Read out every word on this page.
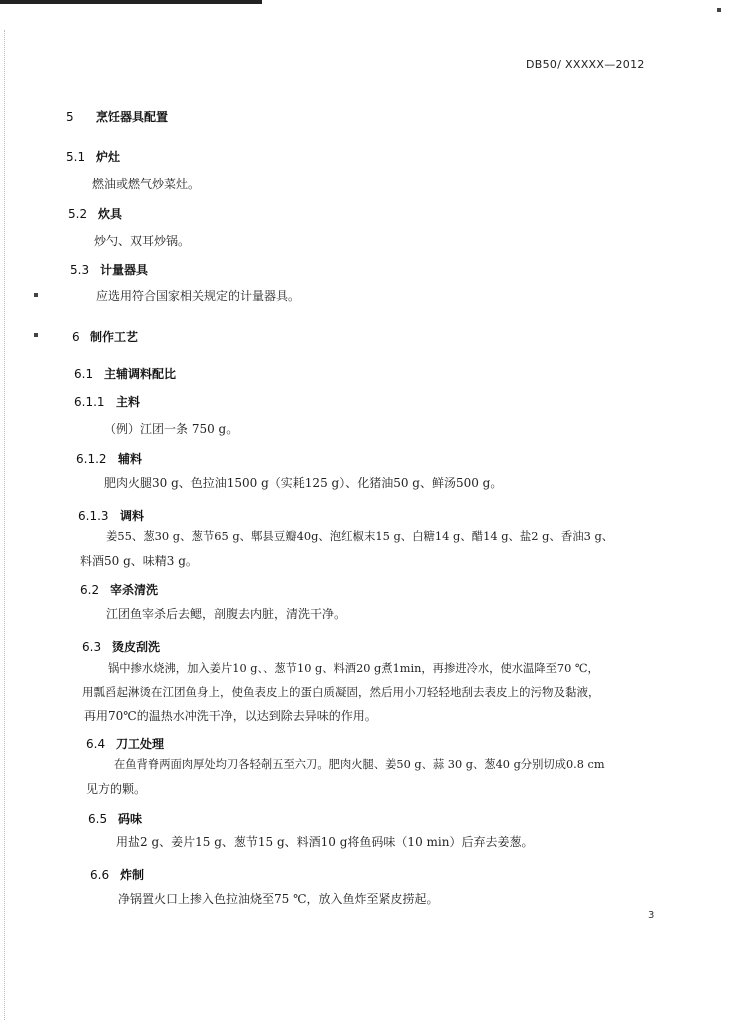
DB50/ XXXXX—2012
5 烹饪器具配置
5.1 炉灶
燃油或燃气炒菜灶。
5.2 炊具
炒勺、双耳炒锅。
5.3 计量器具
应选用符合国家相关规定的计量器具。
6 制作工艺
6.1 主辅调料配比
6.1.1 主料
（例）江团一条 750 g。
6.1.2 辅料
肥肉火腿30 g、色拉油1500 g（实耗125 g）、化猪油50 g、鲜汤500 g。
6.1.3 调料
姜55、葱30 g、葱节65 g、郫县豆瓣40g、泡红椒末15 g、白糖14 g、醋14 g、盐2 g、香油3 g、
料酒50 g、味精3 g。
6.2 宰杀清洗
江团鱼宰杀后去鳃，剖腹去内脏，清洗干净。
6.3 烫皮刮洗
锅中掺水烧沸，加入姜片10 g、、葱节10 g、料酒20 g煮1min，再掺进冷水，使水温降至70 ℃，
用瓢舀起淋烫在江团鱼身上，使鱼表皮上的蛋白质凝固，然后用小刀轻轻地刮去表皮上的污物及黏液，
再用70℃的温热水冲洗干净，以达到除去异味的作用。
6.4 刀工处理
在鱼背脊两面肉厚处均刀各轻剞五至六刀。肥肉火腿、姜50 g、蒜 30 g、葱40 g分别切成0.8 cm
见方的颗。
6.5 码味
用盐2 g、姜片15 g、葱节15 g、料酒10 g将鱼码味（10 min）后弃去姜葱。
6.6 炸制
净锅置火口上掺入色拉油烧至75 ℃，放入鱼炸至紧皮捞起。
3
